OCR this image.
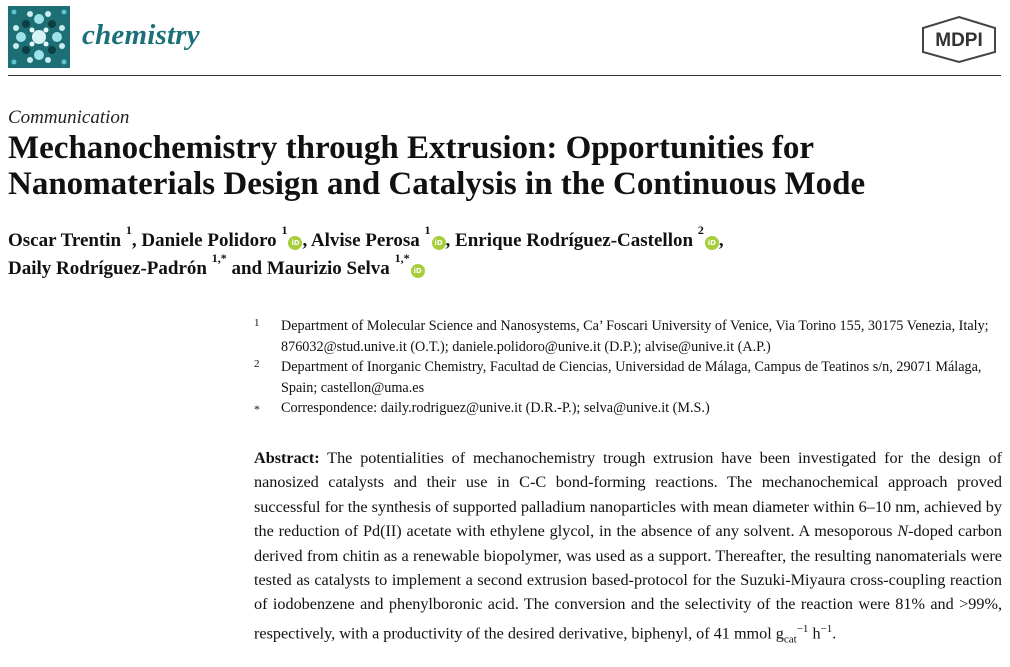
chemistry	MDPI
Communication
Mechanochemistry through Extrusion: Opportunities for
Nanomaterials Design and Catalysis in the Continuous Mode
Oscar Trentin $^1$, Daniele Polidoro $^1$iD , Alvise Perosa $^1$iD , Enrique Rodríguez-Castellon $^2$iD ,
Daily Rodríguez-Padrón $^{1,*}$ and Maurizio Selva $^{1,*}$iD
1 Department of Molecular Science and Nanosystems, Ca’ Foscari University of Venice, Via Torino 155, 30175 Venezia, Italy; 876032@stud.unive.it (O.T.); daniele.polidoro@unive.it (D.P.); alvise@unive.it (A.P.)
2 Department of Inorganic Chemistry, Facultad de Ciencias, Universidad de Málaga, Campus de Teatinos s/n, 29071 Málaga, Spain; castellon@uma.es
* Correspondence: daily.rodriguez@unive.it (D.R.-P.); selva@unive.it (M.S.)

Abstract: The potentialities of mechanochemistry trough extrusion have been investigated for the design of nanosized catalysts and their use in C-C bond-forming reactions. The mechanochemical approach proved successful for the synthesis of supported palladium nanoparticles with mean diameter within 6–10 nm, achieved by the reduction of Pd(II) acetate with ethylene glycol, in the absence of any solvent. A mesoporous N-doped carbon derived from chitin as a renewable biopolymer, was used as a support. Thereafter, the resulting nanomaterials were tested as catalysts to implement a second extrusion based-protocol for the Suzuki-Miyaura cross-coupling reaction of iodobenzene and phenylboronic acid. The conversion and the selectivity of the reaction were 81% and >99%, respectively, with a productivity of the desired derivative, biphenyl, of 41 mmol $g_{cat}^{-1}$ $h^{-1}$.
